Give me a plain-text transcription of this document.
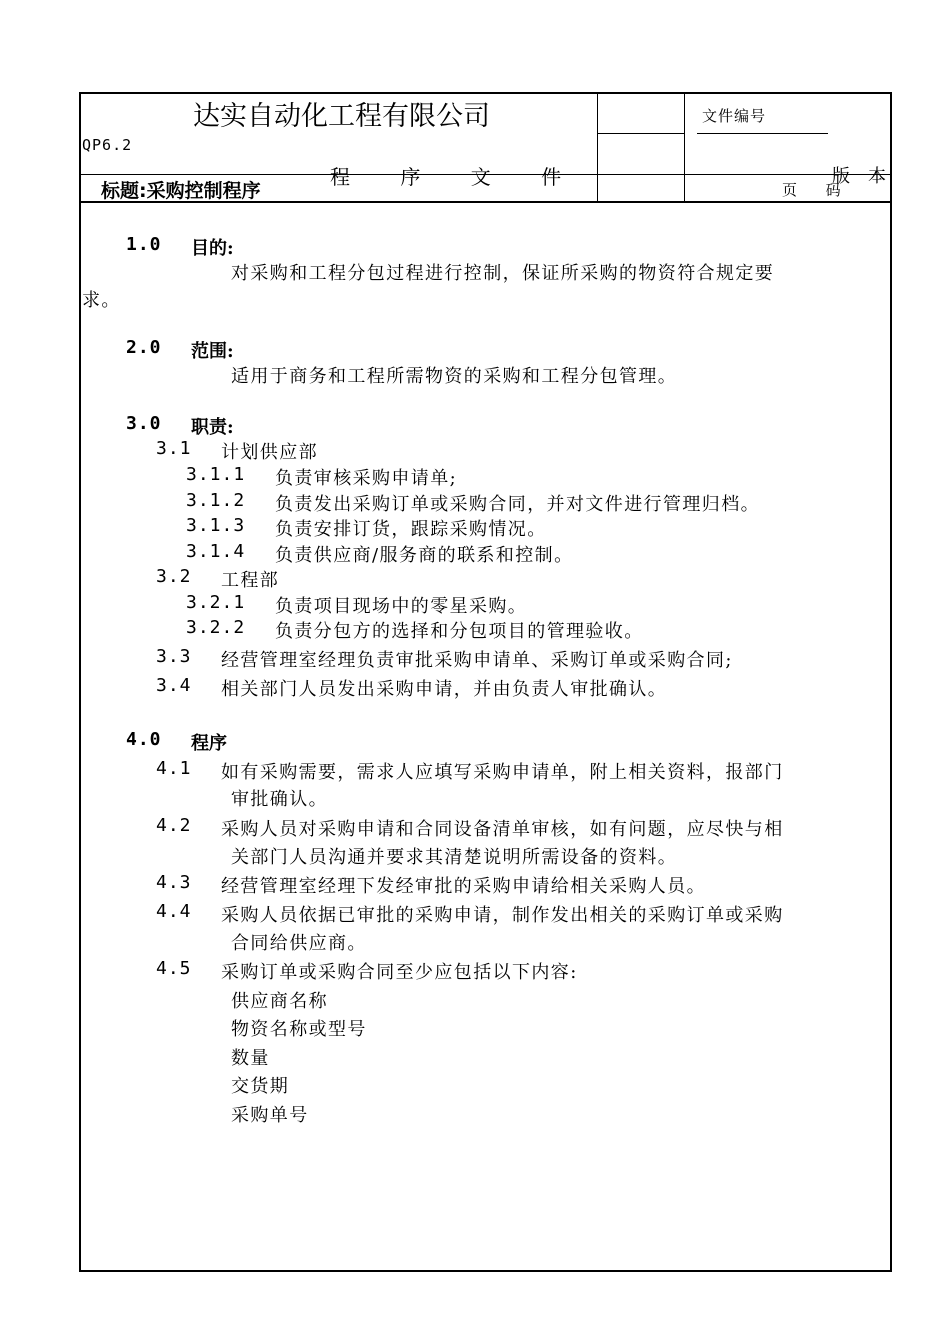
达实自动化工程有限公司
QP6.2
文件编号
程 序 文 件	版本
标题:采购控制程序	页      码
1.0 目的:
对采购和工程分包过程进行控制，保证所采购的物资符合规定要
求。
2.0 范围:
适用于商务和工程所需物资的采购和工程分包管理。
3.0 职责:
3.1 计划供应部
3.1.1 负责审核采购申请单;
3.1.2 负责发出采购订单或采购合同，并对文件进行管理归档。
3.1.3 负责安排订货，跟踪采购情况。
3.1.4 负责供应商/服务商的联系和控制。
3.2 工程部
3.2.1 负责项目现场中的零星采购。
3.2.2 负责分包方的选择和分包项目的管理验收。
3.3 经营管理室经理负责审批采购申请单、采购订单或采购合同;
3.4 相关部门人员发出采购申请，并由负责人审批确认。
4.0 程序
4.1 如有采购需要，需求人应填写采购申请单，附上相关资料，报部门
审批确认。
4.2 采购人员对采购申请和合同设备清单审核，如有问题，应尽快与相
关部门人员沟通并要求其清楚说明所需设备的资料。
4.3 经营管理室经理下发经审批的采购申请给相关采购人员。
4.4 采购人员依据已审批的采购申请，制作发出相关的采购订单或采购
合同给供应商。
4.5 采购订单或采购合同至少应包括以下内容:
供应商名称
物资名称或型号
数量
交货期
采购单号
